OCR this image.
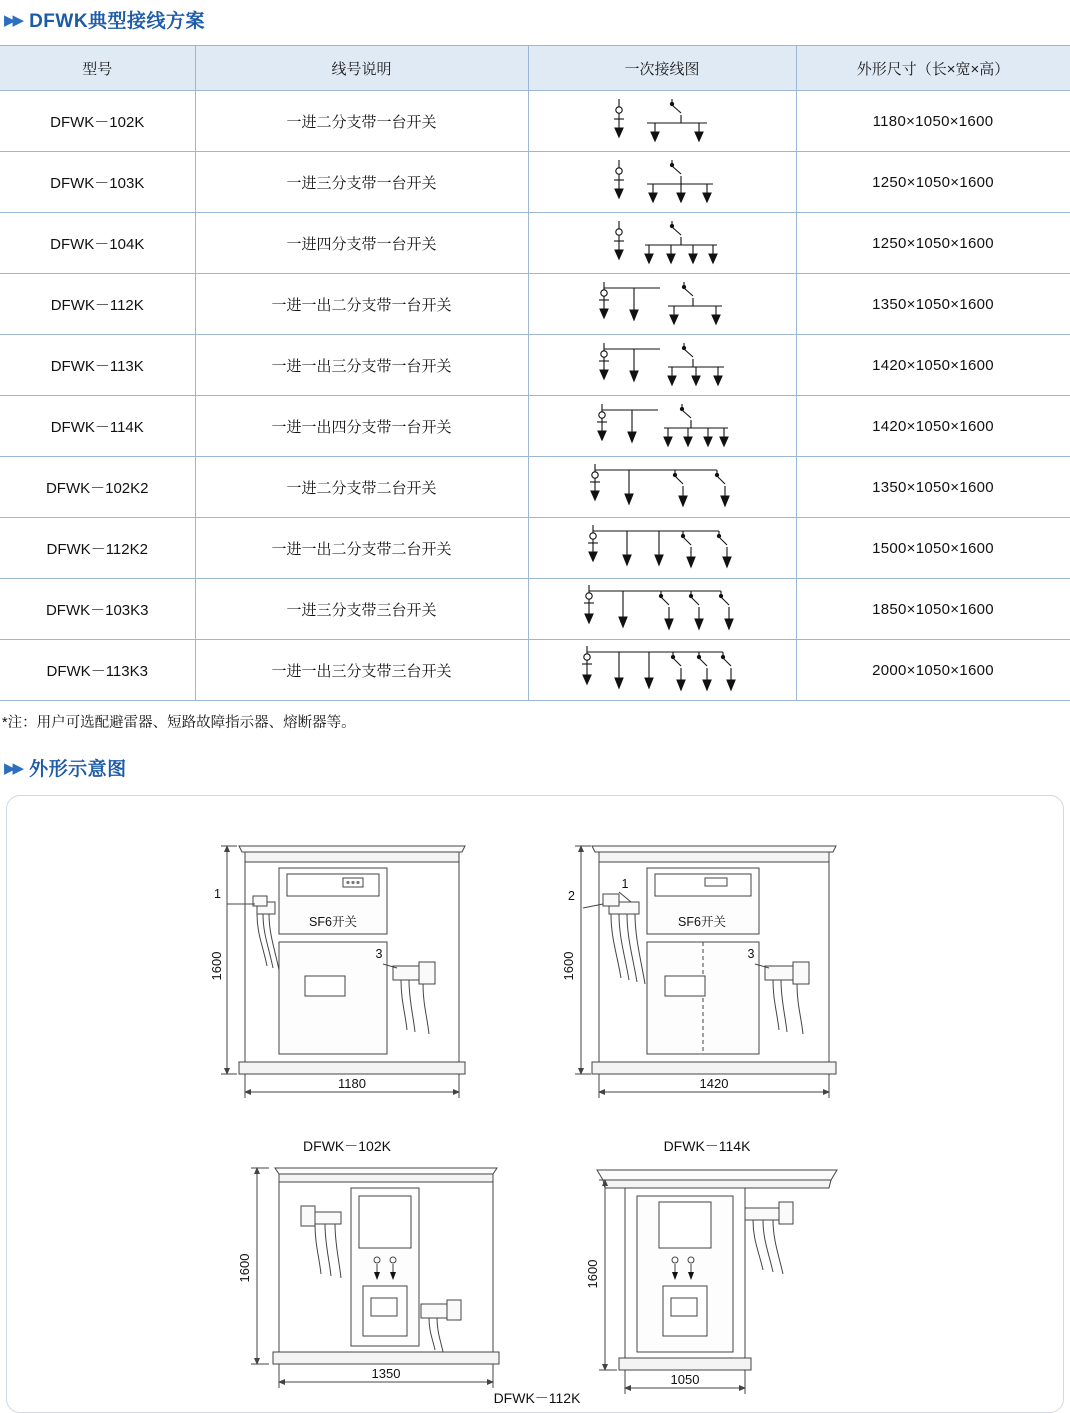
▶▶ DFWK典型接线方案
型号	线号说明	一次接线图	外形尺寸（长×宽×高）
DFWK－102K	一进二分支带一台开关		1180×1050×1600
DFWK－103K	一进三分支带一台开关		1250×1050×1600
DFWK－104K	一进四分支带一台开关		1250×1050×1600
DFWK－112K	一进一出二分支带一台开关		1350×1050×1600
DFWK－113K	一进一出三分支带一台开关		1420×1050×1600
DFWK－114K	一进一出四分支带一台开关		1420×1050×1600
DFWK－102K2	一进二分支带二台开关		1350×1050×1600
DFWK－112K2	一进一出二分支带二台开关		1500×1050×1600
DFWK－103K3	一进三分支带三台开关		1850×1050×1600
DFWK－113K3	一进一出三分支带三台开关		2000×1050×1600
*注：用户可选配避雷器、短路故障指示器、熔断器等。
▶▶ 外形示意图
1600
1180
SF6开关
1
3
DFWK－102K
1600
1420
SF6开关
2
1
3
DFWK－114K
1600
1350
1600
1050
DFWK－112K
